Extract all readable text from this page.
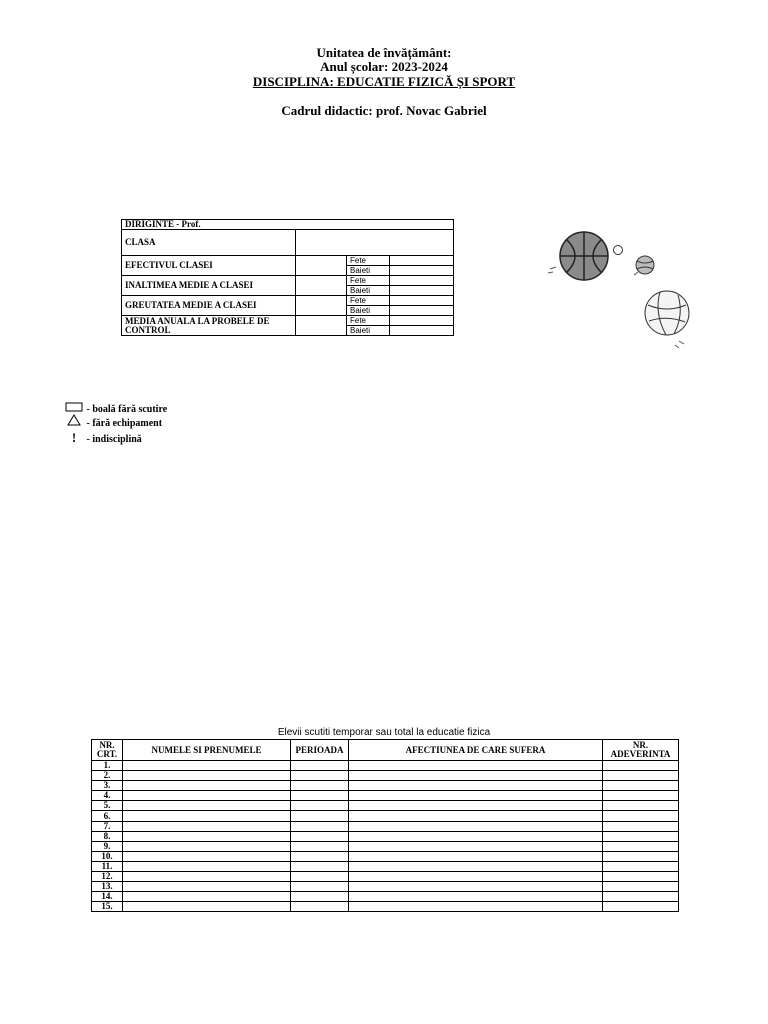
Unitatea de învățământ:
Anul școlar: 2023-2024
DISCIPLINA: EDUCATIE FIZICĂ ȘI SPORT
Cadrul didactic: prof. Novac Gabriel
DIRIGINTE - Prof.			
CLASA			
EFECTIVUL CLASEI		Fete	
		Baieti	
INALTIMEA MEDIE A CLASEI		Fete	
		Baieti	
GREUTATEA MEDIE A CLASEI		Fete	
		Baieti	
MEDIA ANUALA LA PROBELE DE CONTROL		Fete	
		Baieti	
- boală fără scutire
- fără echipament
! - indisciplină
Elevii scutiti temporar sau total la educatie fizica
NR. CRT.	NUMELE SI PRENUMELE	PERIOADA	AFECTIUNEA DE CARE SUFERA	NR. ADEVERINTA
1.				
2.				
3.				
4.				
5.				
6.				
7.				
8.				
9.				
10.				
11.				
12.				
13.				
14.				
15.				
